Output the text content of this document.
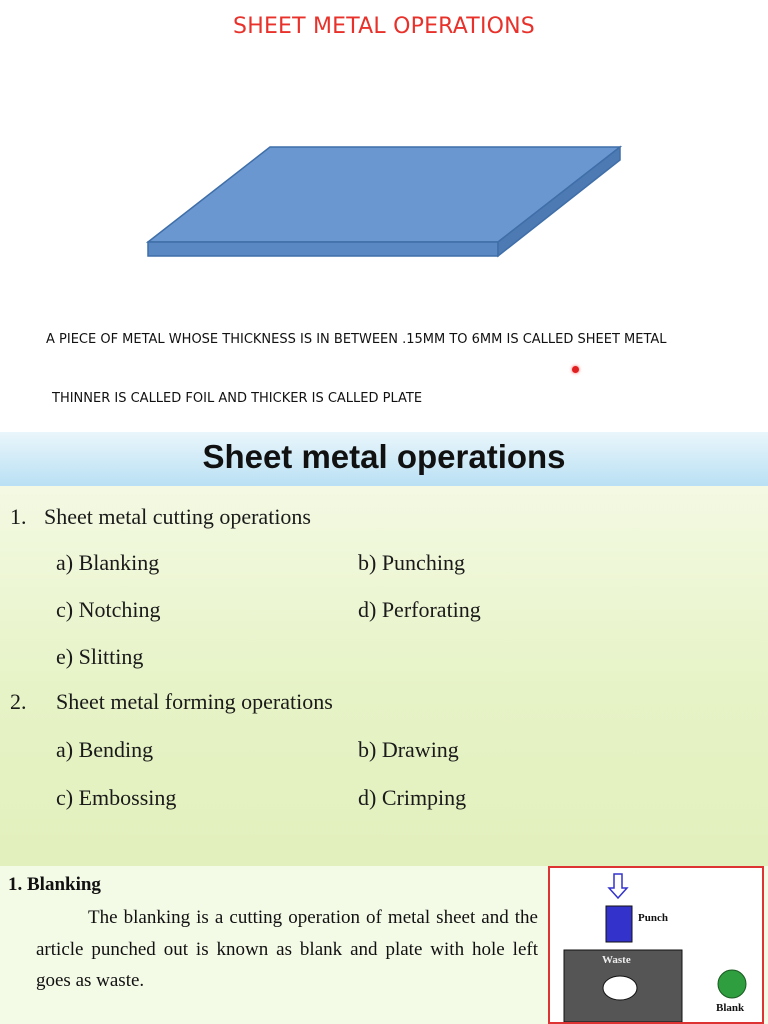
SHEET METAL OPERATIONS
A PIECE OF METAL WHOSE THICKNESS IS IN BETWEEN .15MM TO 6MM IS CALLED SHEET METAL
THINNER IS CALLED FOIL AND THICKER IS CALLED PLATE
Sheet metal operations
1. Sheet metal cutting operations
a) Blanking	b) Punching
c) Notching	d) Perforating
e) Slitting
2. Sheet metal forming operations
a) Bending	b) Drawing
c) Embossing	d) Crimping
1. Blanking
The blanking is a cutting operation of metal sheet and the article punched out is known as blank and plate with hole left goes as waste.
Punch
Waste
Blank
